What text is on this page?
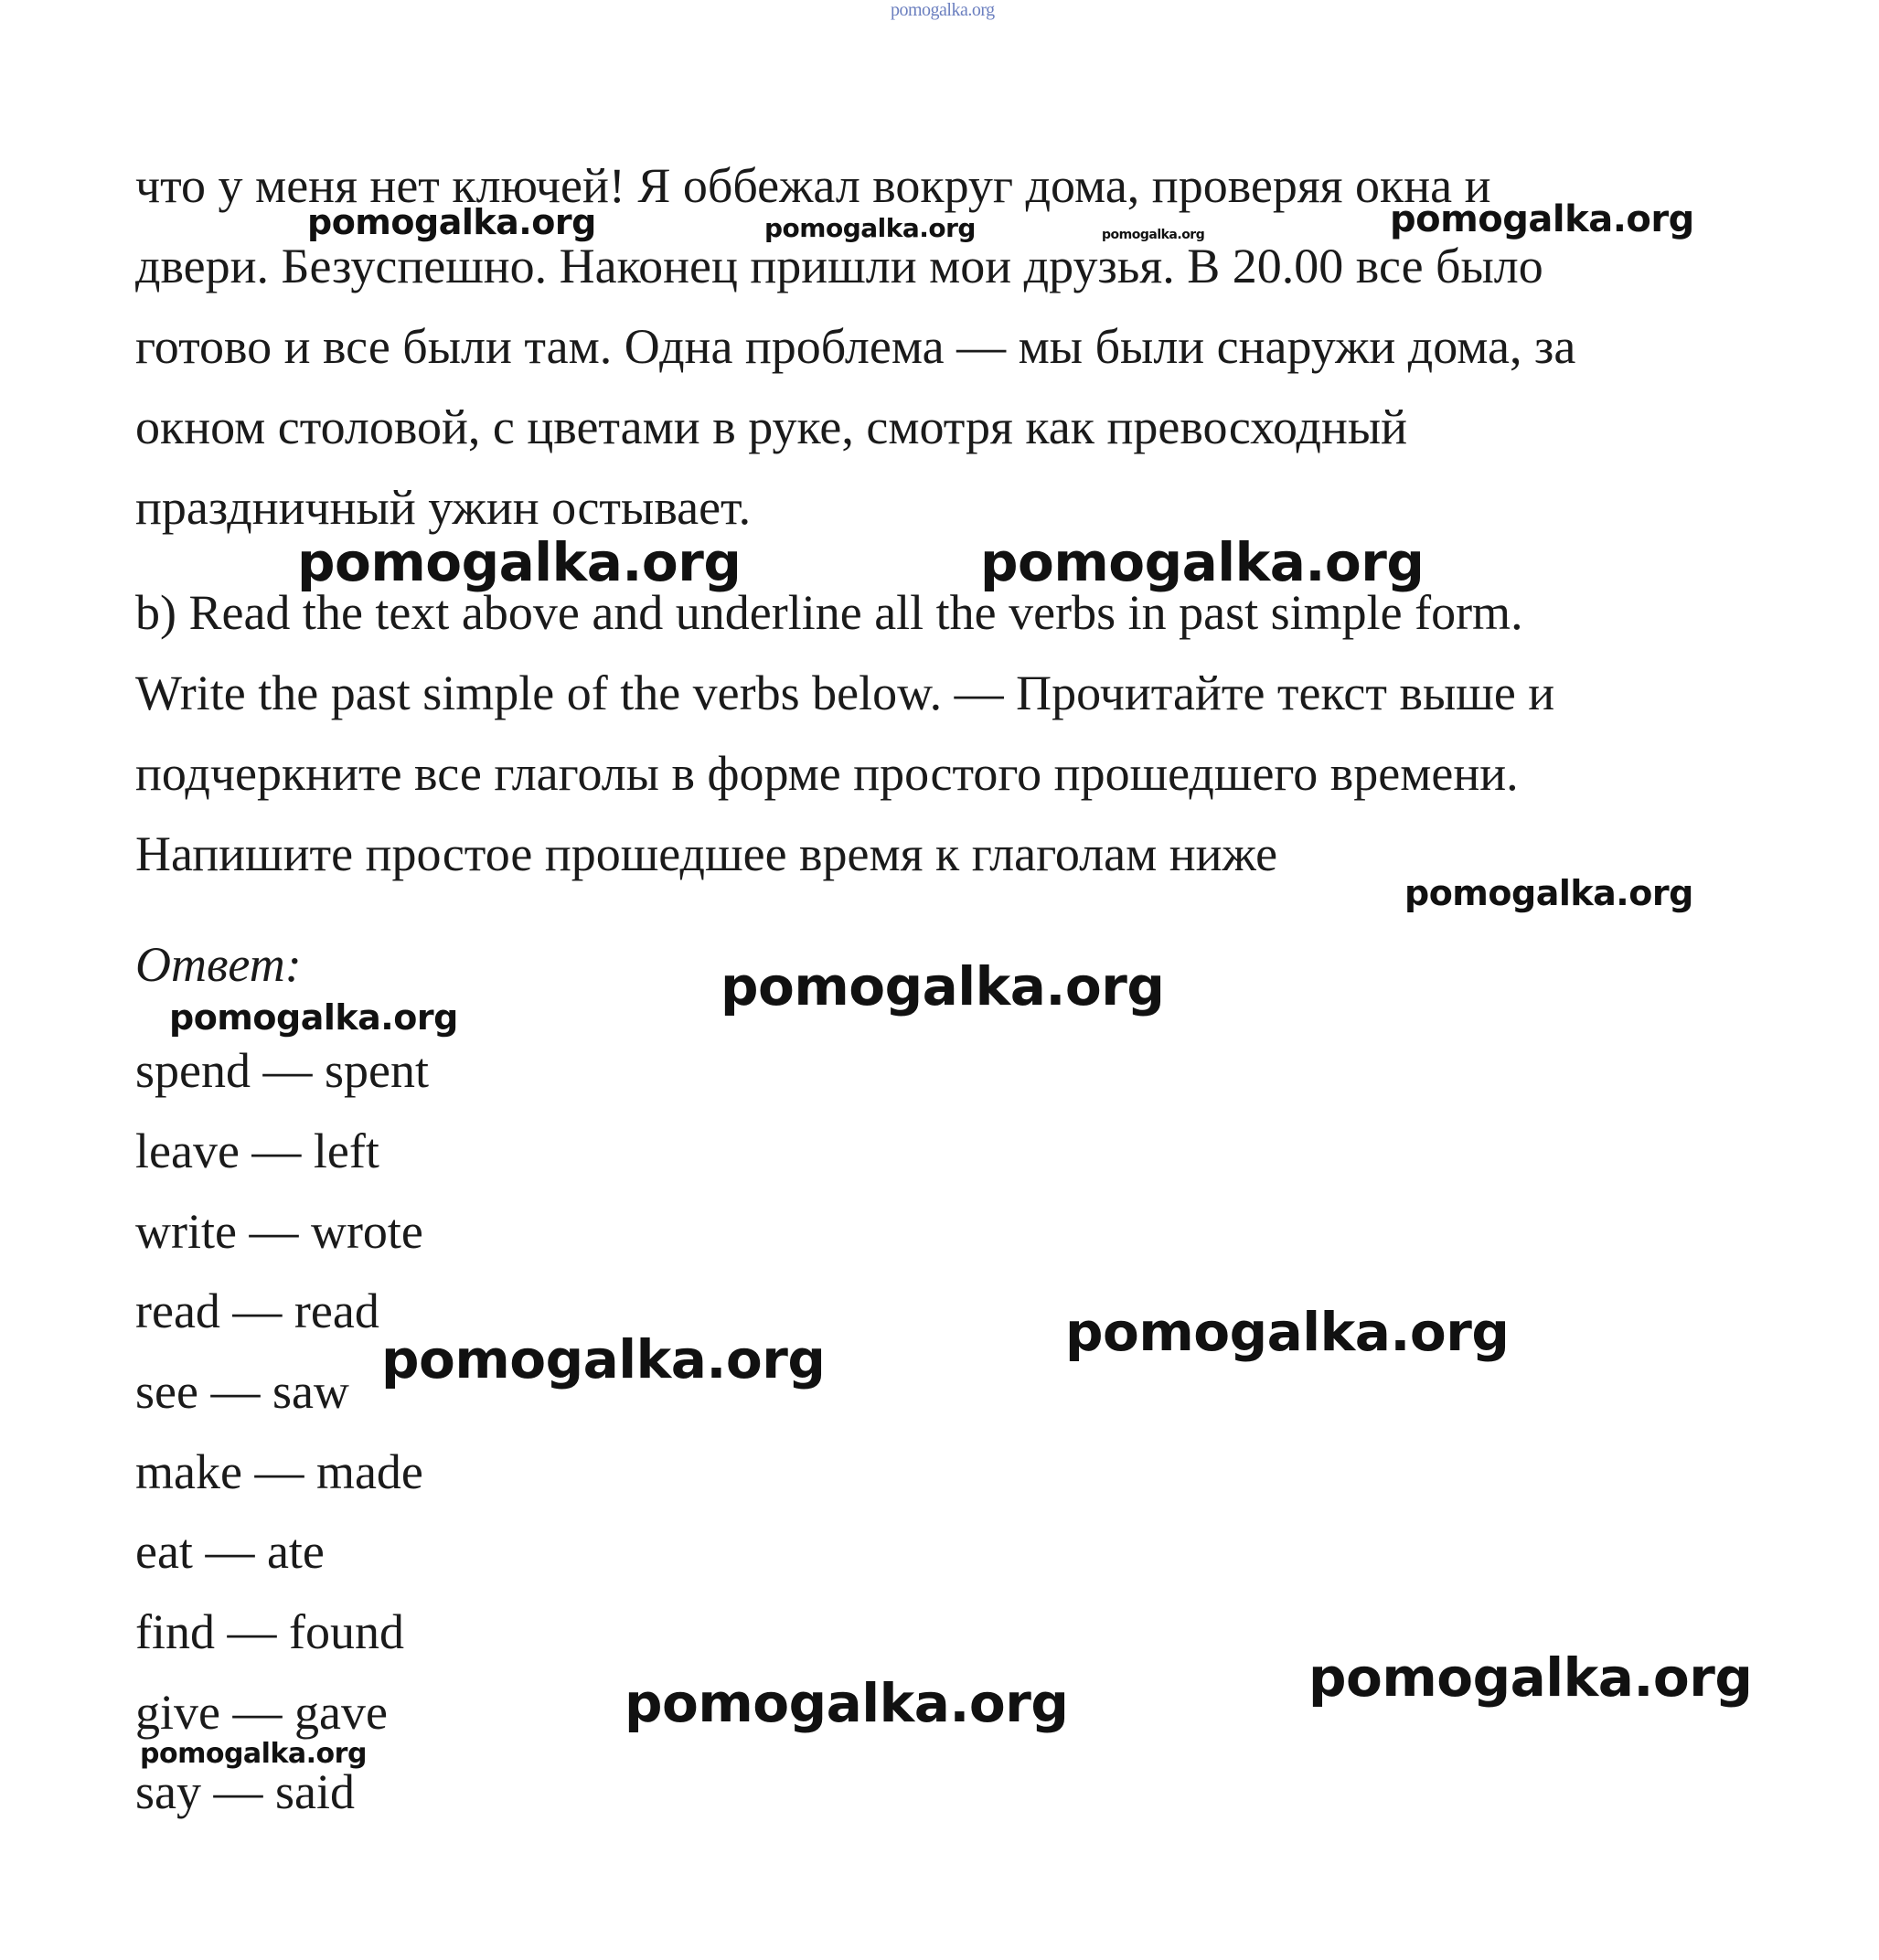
pomogalka.org
что у меня нет ключей! Я оббежал вокруг дома, проверяя окна и
двери. Безуспешно. Наконец пришли мои друзья. В 20.00 все было
готово и все были там. Одна проблема — мы были снаружи дома, за
окном столовой, с цветами в руке, смотря как превосходный
праздничный ужин остывает.
b) Read the text above and underline all the verbs in past simple form.
Write the past simple of the verbs below. — Прочитайте текст выше и
подчеркните все глаголы в форме простого прошедшего времени.
Напишите простое прошедшее время к глаголам ниже
Ответ:
spend — spent
leave — left
write — wrote
read — read
see — saw
make — made
eat — ate
find — found
give — gave
say — said
pomogalka.org	pomogalka.org	pomogalka.org	pomogalka.org
pomogalka.org	pomogalka.org
pomogalka.org
pomogalka.org
pomogalka.org
pomogalka.org
pomogalka.org
pomogalka.org
pomogalka.org
pomogalka.org
